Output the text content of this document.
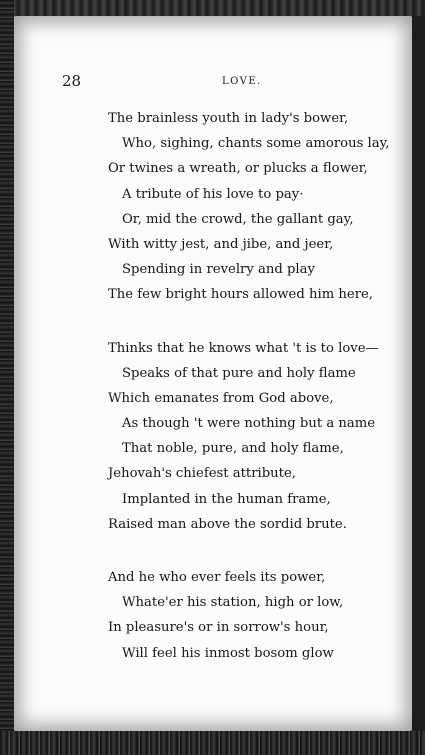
28	LOVE.
The brainless youth in lady's bower,
Who, sighing, chants some amorous lay,
Or twines a wreath, or plucks a flower,
A tribute of his love to pay·
Or, mid the crowd, the gallant gay,
With witty jest, and jibe, and jeer,
Spending in revelry and play
The few bright hours allowed him here,
Thinks that he knows what 't is to love—
Speaks of that pure and holy flame
Which emanates from God above,
As though 't were nothing but a name
That noble, pure, and holy flame,
Jehovah's chiefest attribute,
Implanted in the human frame,
Raised man above the sordid brute.
And he who ever feels its power,
Whate'er his station, high or low,
In pleasure's or in sorrow's hour,
Will feel his inmost bosom glow
